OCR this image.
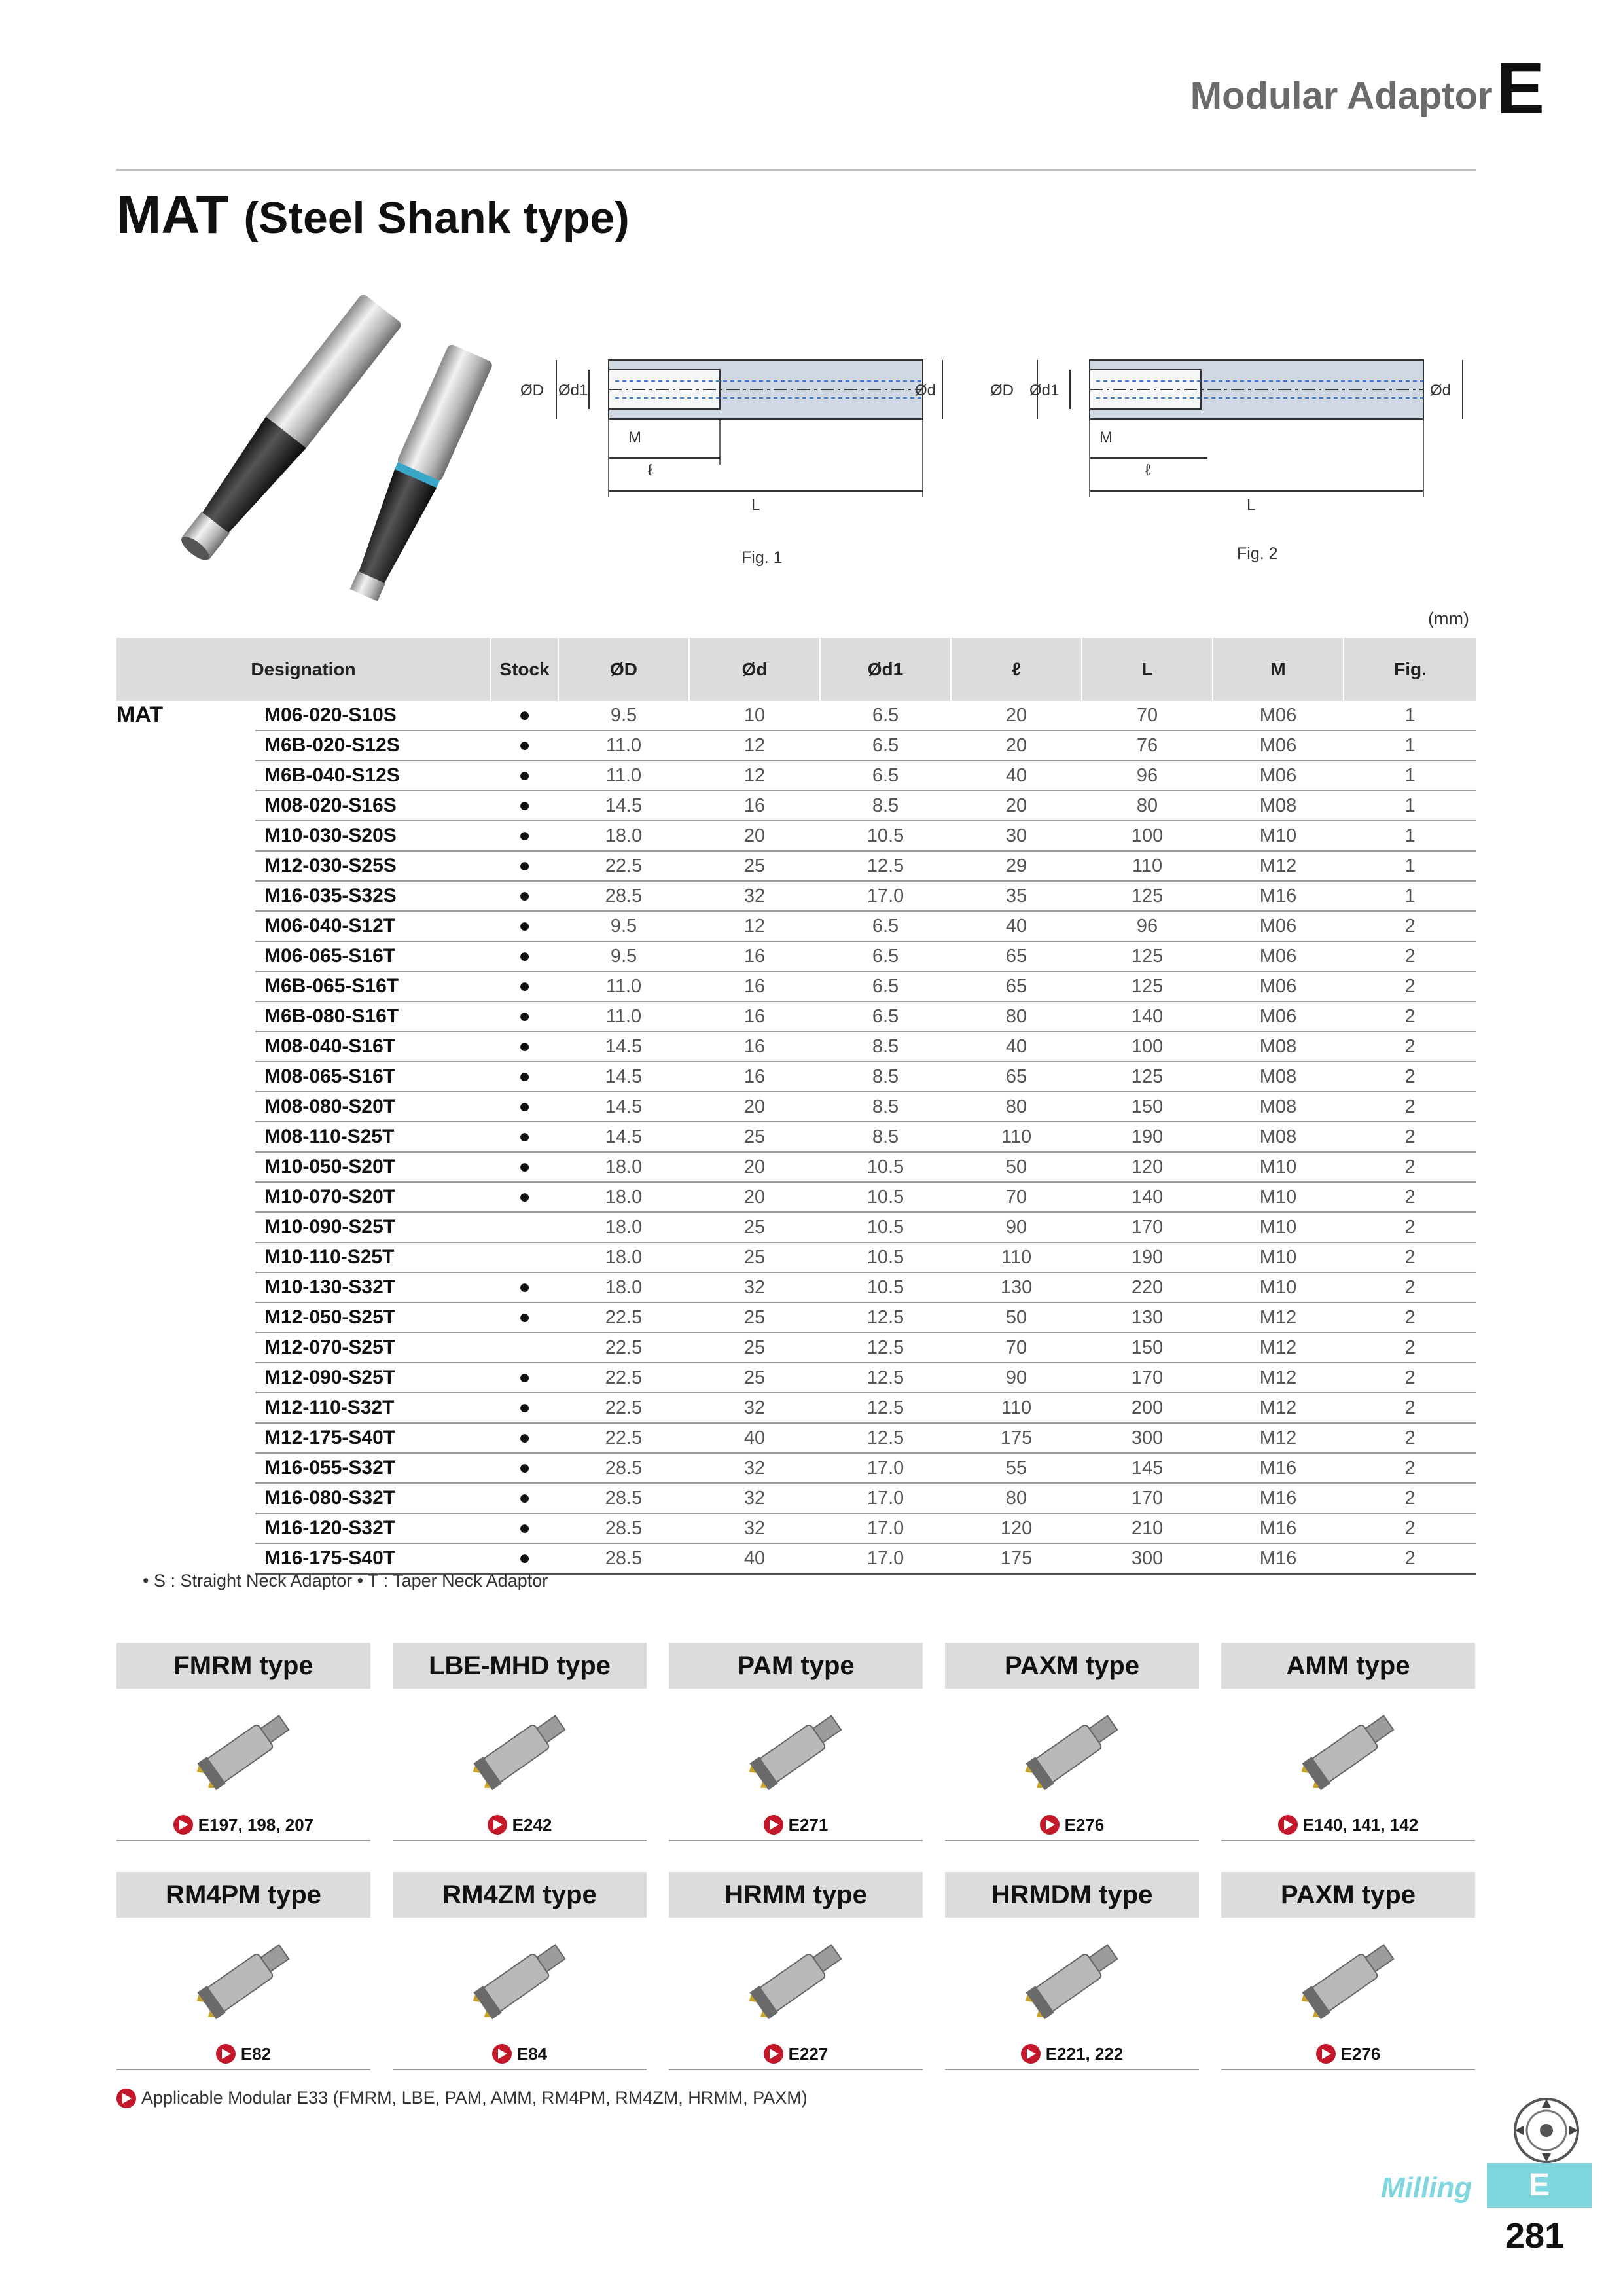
Modular Adaptor E
MAT (Steel Shank type)
ØD Ød1	Ød
M
ℓ
L
Fig. 1
ØD Ød1	Ød
M
ℓ
L
Fig. 2
(mm)
Designation		Stock	ØD	Ød	Ød1	ℓ	L	M	Fig.
MAT	M06-020-S10S	●	9.5	10	6.5	20	70	M06	1
	M6B-020-S12S	●	11.0	12	6.5	20	76	M06	1
	M6B-040-S12S	●	11.0	12	6.5	40	96	M06	1
	M08-020-S16S	●	14.5	16	8.5	20	80	M08	1
	M10-030-S20S	●	18.0	20	10.5	30	100	M10	1
	M12-030-S25S	●	22.5	25	12.5	29	110	M12	1
	M16-035-S32S	●	28.5	32	17.0	35	125	M16	1
	M06-040-S12T	●	9.5	12	6.5	40	96	M06	2
	M06-065-S16T	●	9.5	16	6.5	65	125	M06	2
	M6B-065-S16T	●	11.0	16	6.5	65	125	M06	2
	M6B-080-S16T	●	11.0	16	6.5	80	140	M06	2
	M08-040-S16T	●	14.5	16	8.5	40	100	M08	2
	M08-065-S16T	●	14.5	16	8.5	65	125	M08	2
	M08-080-S20T	●	14.5	20	8.5	80	150	M08	2
	M08-110-S25T	●	14.5	25	8.5	110	190	M08	2
	M10-050-S20T	●	18.0	20	10.5	50	120	M10	2
	M10-070-S20T	●	18.0	20	10.5	70	140	M10	2
	M10-090-S25T		18.0	25	10.5	90	170	M10	2
	M10-110-S25T		18.0	25	10.5	110	190	M10	2
	M10-130-S32T	●	18.0	32	10.5	130	220	M10	2
	M12-050-S25T	●	22.5	25	12.5	50	130	M12	2
	M12-070-S25T		22.5	25	12.5	70	150	M12	2
	M12-090-S25T	●	22.5	25	12.5	90	170	M12	2
	M12-110-S32T	●	22.5	32	12.5	110	200	M12	2
	M12-175-S40T	●	22.5	40	12.5	175	300	M12	2
	M16-055-S32T	●	28.5	32	17.0	55	145	M16	2
	M16-080-S32T	●	28.5	32	17.0	80	170	M16	2
	M16-120-S32T	●	28.5	32	17.0	120	210	M16	2
	M16-175-S40T	●	28.5	40	17.0	175	300	M16	2
• S : Straight Neck Adaptor • T : Taper Neck Adaptor
FMRM type
E197, 198, 207
LBE-MHD type
E242
PAM type
E271
PAXM type
E276
AMM type
E140, 141, 142
RM4PM type
E82
RM4ZM type
E84
HRMM type
E227
HRMDM type
E221, 222
PAXM type
E276
Applicable Modular E33 (FMRM, LBE, PAM, AMM, RM4PM, RM4ZM, HRMM, PAXM)
Milling	E
281
